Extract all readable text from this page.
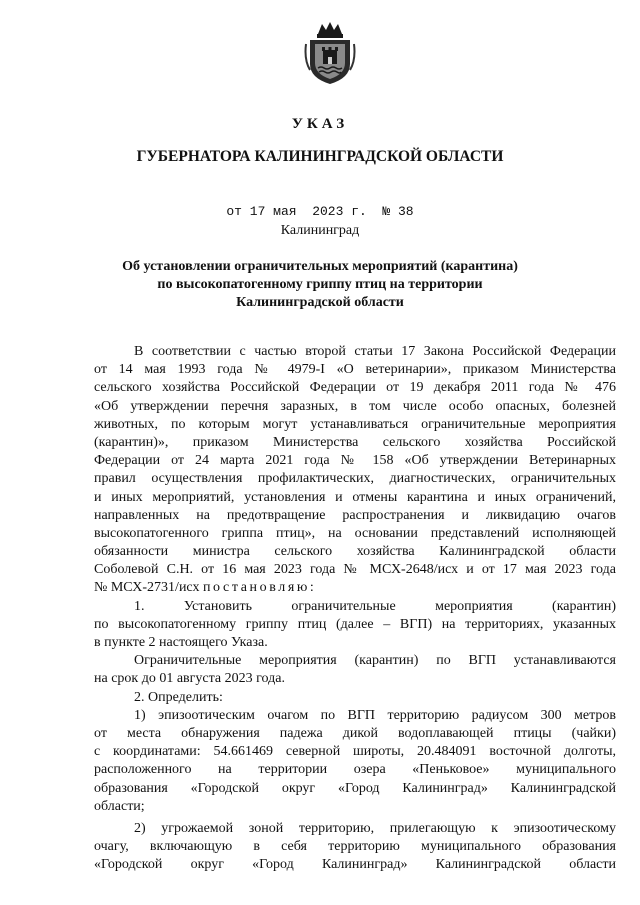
УКАЗ
ГУБЕРНАТОРА КАЛИНИНГРАДСКОЙ ОБЛАСТИ
от 17 мая  2023 г.  № 38
Калининград
Об установлении ограничительных мероприятий (карантина)
по высокопатогенному гриппу птиц на территории
Калининградской области
В соответствии с частью второй статьи 17 Закона Российской Федерации
от 14 мая 1993 года № 4979-I «О ветеринарии», приказом Министерства
сельского хозяйства Российской Федерации от 19 декабря 2011 года № 476
«Об утверждении перечня заразных, в том числе особо опасных, болезней
животных, по которым могут устанавливаться ограничительные мероприятия
(карантин)», приказом Министерства сельского хозяйства Российской
Федерации от 24 марта 2021 года № 158 «Об утверждении Ветеринарных
правил осуществления профилактических, диагностических, ограничительных
и иных мероприятий, установления и отмены карантина и иных ограничений,
направленных на предотвращение распространения и ликвидацию очагов
высокопатогенного гриппа птиц», на основании представлений исполняющей
обязанности министра сельского хозяйства Калининградской области
Соболевой С.Н. от 16 мая 2023 года № МСХ-2648/исх и от 17 мая 2023 года
№ МСХ-2731/исх постановляю:
1. Установить ограничительные мероприятия (карантин)
по высокопатогенному гриппу птиц (далее – ВГП) на территориях, указанных
в пункте 2 настоящего Указа.
Ограничительные мероприятия (карантин) по ВГП устанавливаются
на срок до 01 августа 2023 года.
2. Определить:
1) эпизоотическим очагом по ВГП территорию радиусом 300 метров
от места обнаружения падежа дикой водоплавающей птицы (чайки)
с координатами: 54.661469 северной широты, 20.484091 восточной долготы,
расположенного на территории озера «Пеньковое» муниципального
образования «Городской округ «Город Калининград» Калининградской
области;
2) угрожаемой зоной территорию, прилегающую к эпизоотическому
очагу, включающую в себя территорию муниципального образования
«Городской округ «Город Калининград» Калининградской области
